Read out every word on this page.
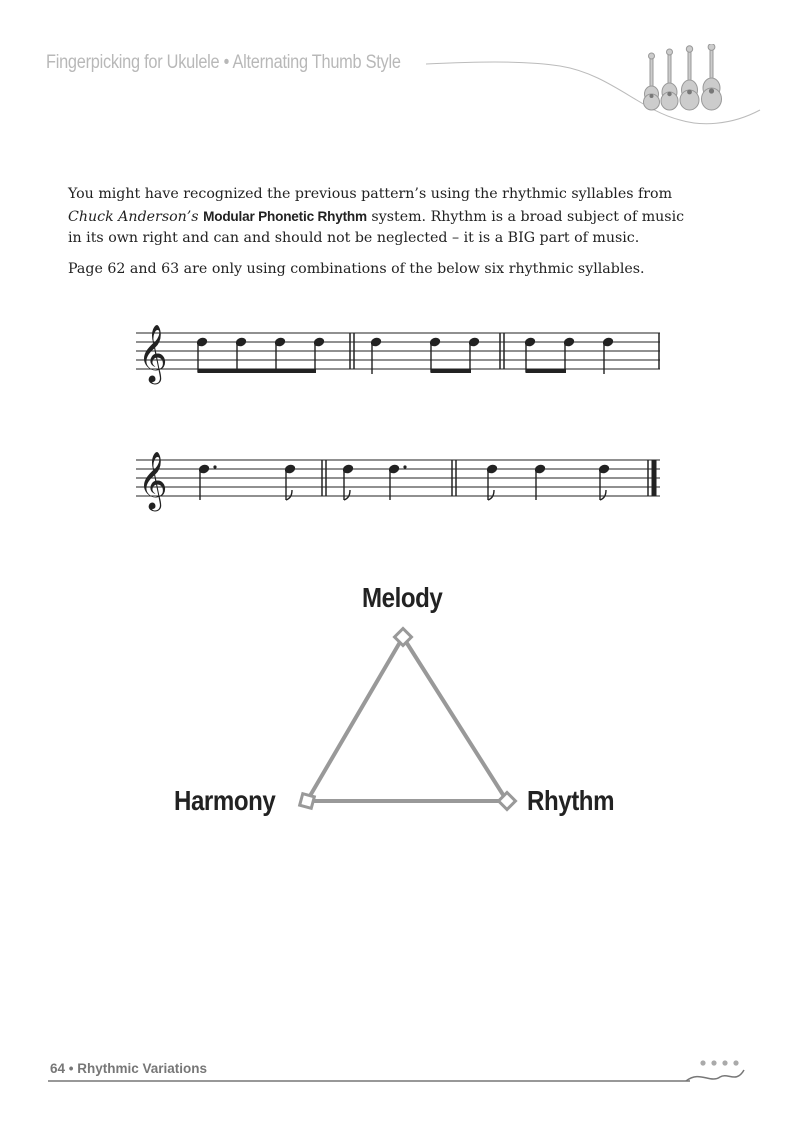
Fingerpicking for Ukulele • Alternating Thumb Style

You might have recognized the previous pattern’s using the rhythmic syllables from Chuck Anderson’s Modular Phonetic Rhythm system. Rhythm is a broad subject of music in its own right and can and should not be neglected – it is a BIG part of music.

Page 62 and 63 are only using combinations of the below six rhythmic syllables.

𝄞
𝄞
Melody
Harmony	Rhythm
64 • Rhythmic Variations
